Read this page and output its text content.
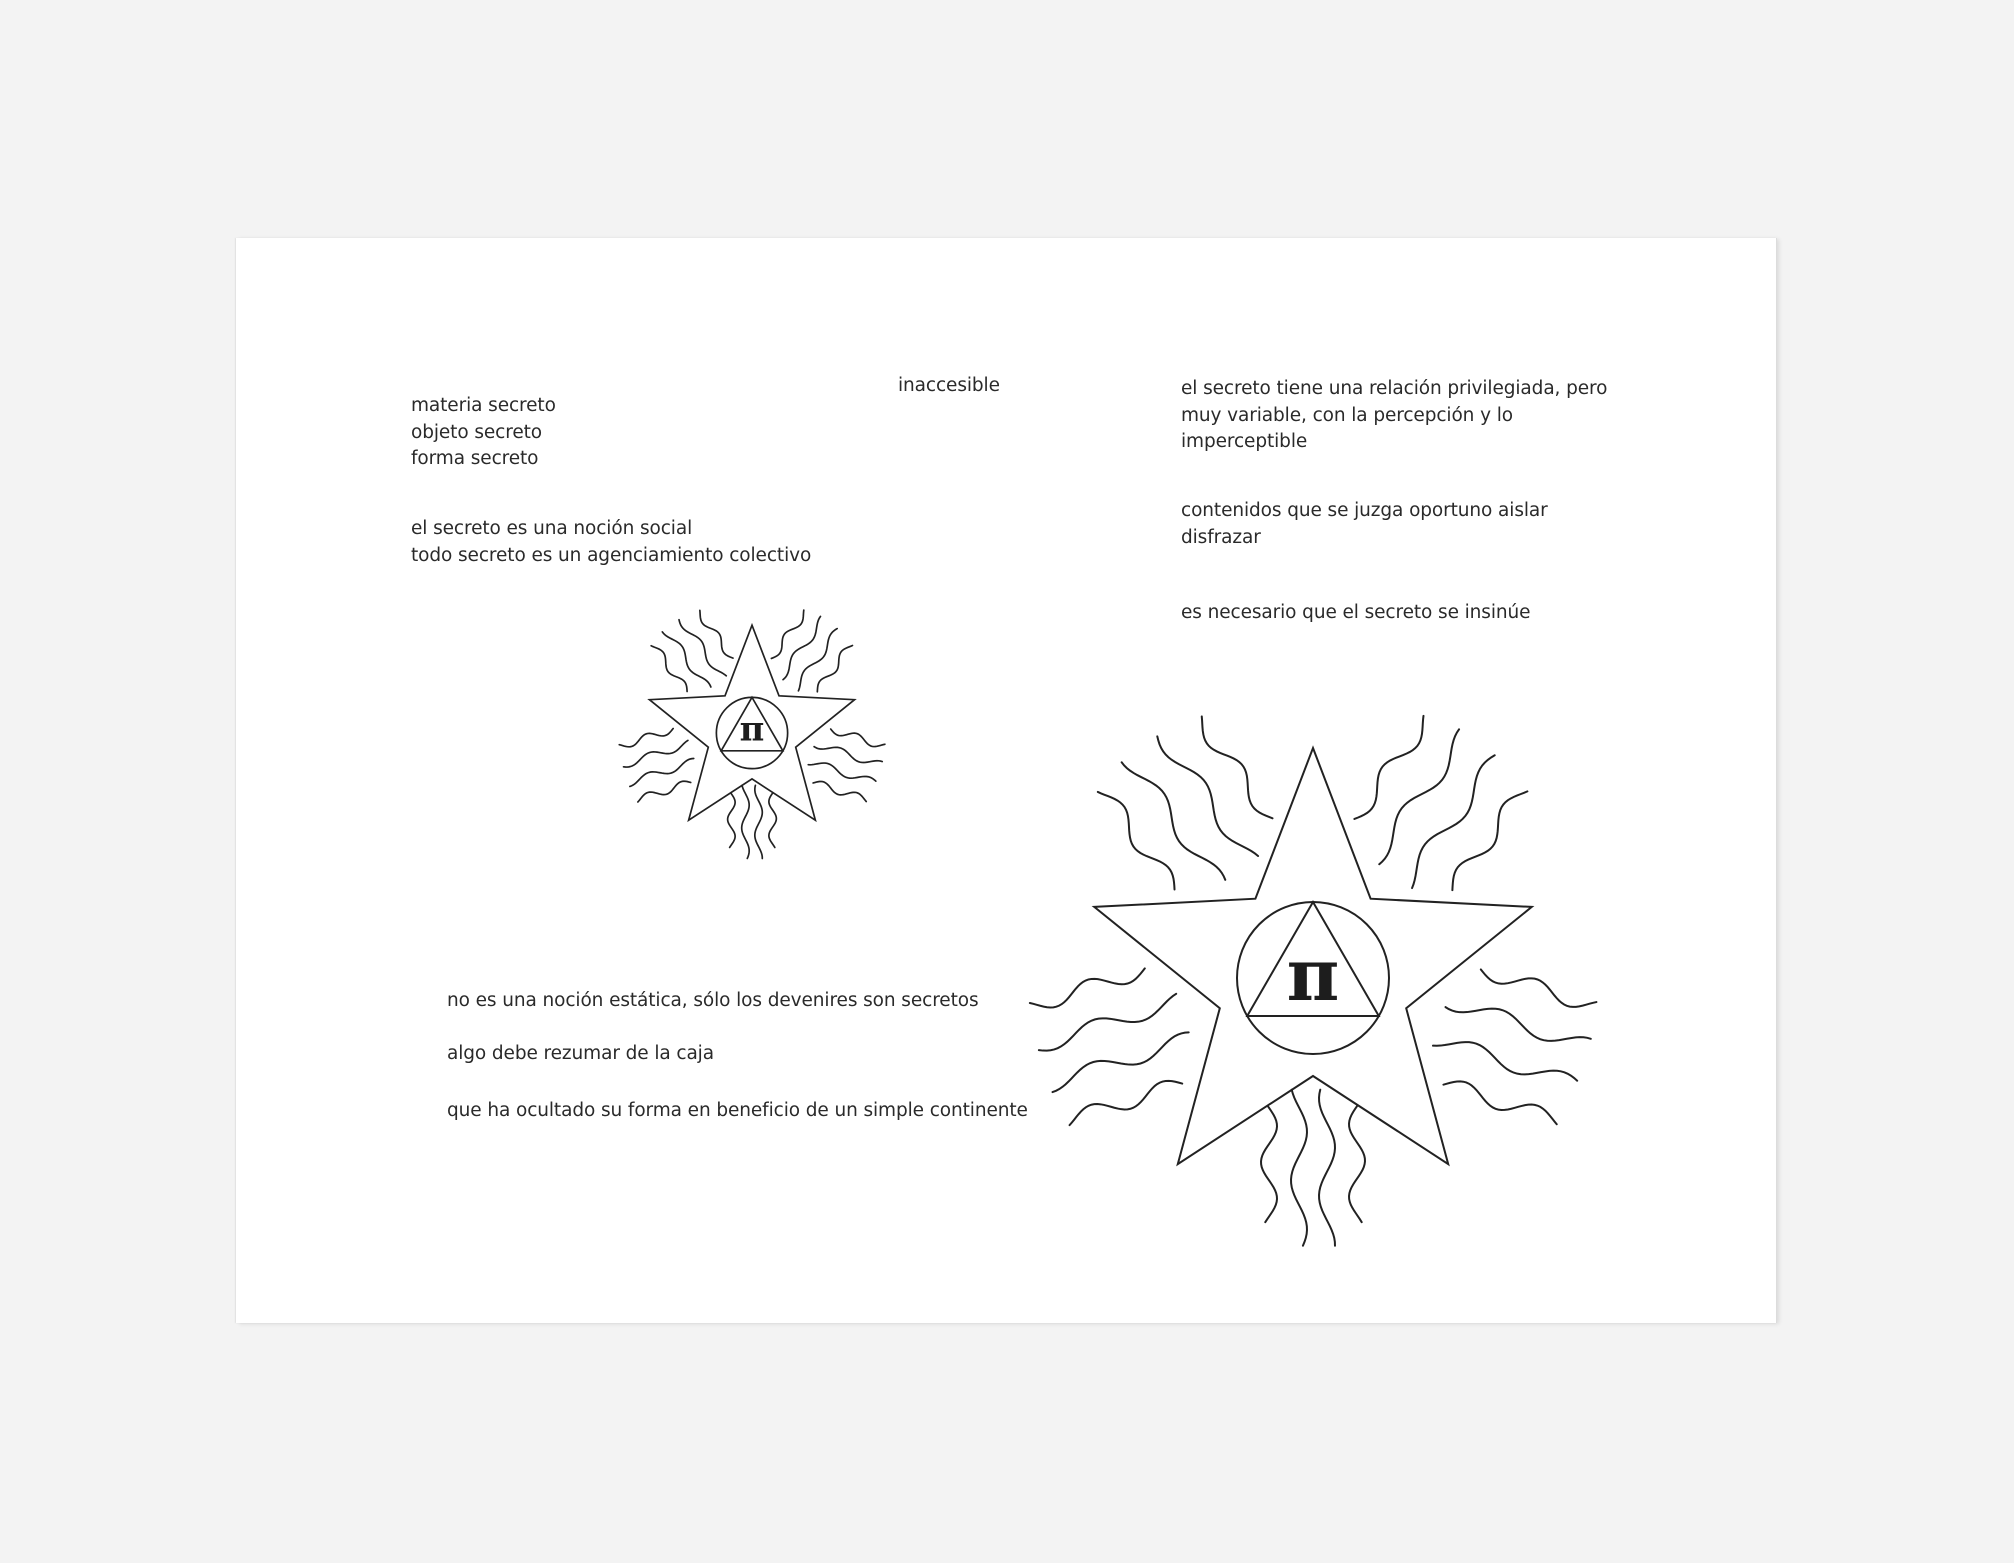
materia secreto
objeto secreto
forma secreto

el secreto es una noción social
todo secreto es un agenciamiento colectivo

inaccesible	el secreto tiene una relación privilegiada, pero
muy variable, con la percepción y lo
imperceptible

contenidos que se juzga oportuno aislar
disfrazar

es necesario que el secreto se insinúe

no es una noción estática, sólo los devenires son secretos

algo debe rezumar de la caja

que ha ocultado su forma en beneficio de un simple continente

π
π
